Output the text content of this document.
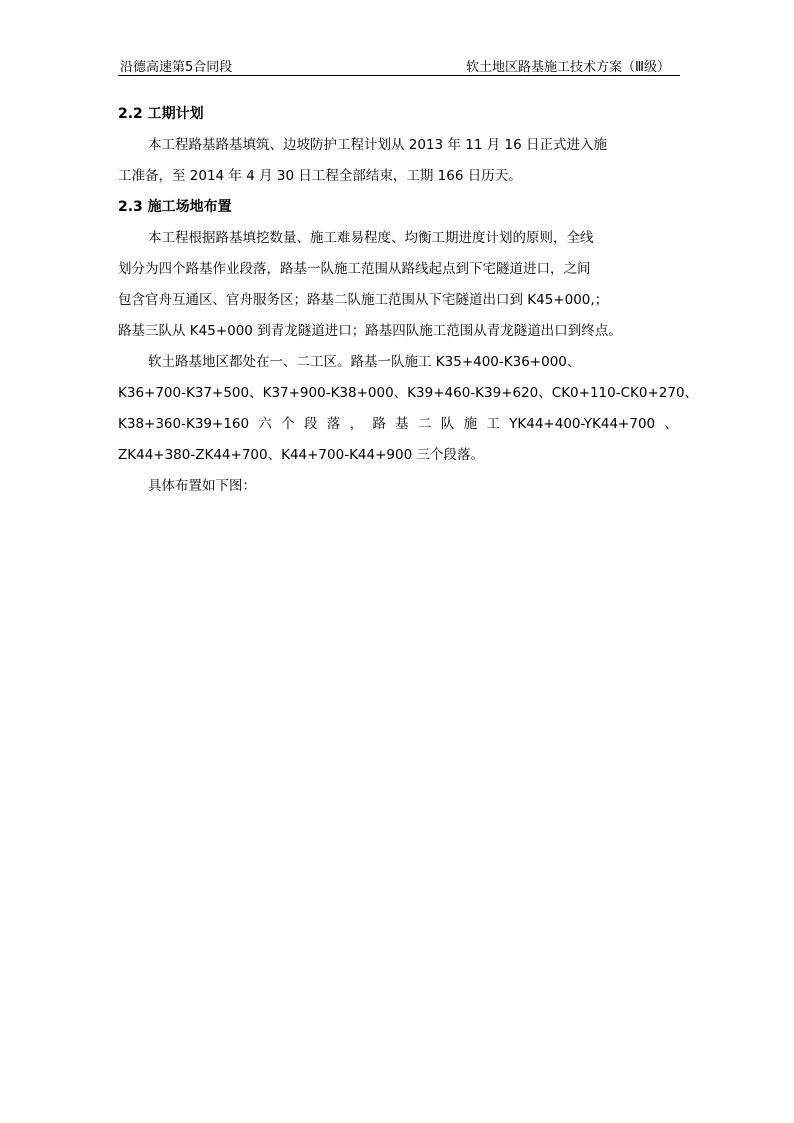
沿德高速第5合同段	软土地区路基施工技术方案（Ⅲ级）
2.2 工期计划
本工程路基路基填筑、边坡防护工程计划从 2013 年 11 月 16 日正式进入施
工准备，至 2014 年 4 月 30 日工程全部结束，工期 166 日历天。
2.3 施工场地布置
本工程根据路基填挖数量、施工难易程度、均衡工期进度计划的原则，全线
划分为四个路基作业段落，路基一队施工范围从路线起点到下宅隧道进口，之间
包含官舟互通区、官舟服务区；路基二队施工范围从下宅隧道出口到 K45+000,；
路基三队从 K45+000 到青龙隧道进口；路基四队施工范围从青龙隧道出口到终点。
软土路基地区都处在一、二工区。路基一队施工 K35+400-K36+000、
K36+700-K37+500、K37+900-K38+000、K39+460-K39+620、CK0+110-CK0+270、
K38+360-K39+160 六 个 段 落 ， 路 基 二 队 施 工 YK44+400-YK44+700 、
ZK44+380-ZK44+700、K44+700-K44+900 三个段落。
具体布置如下图：
